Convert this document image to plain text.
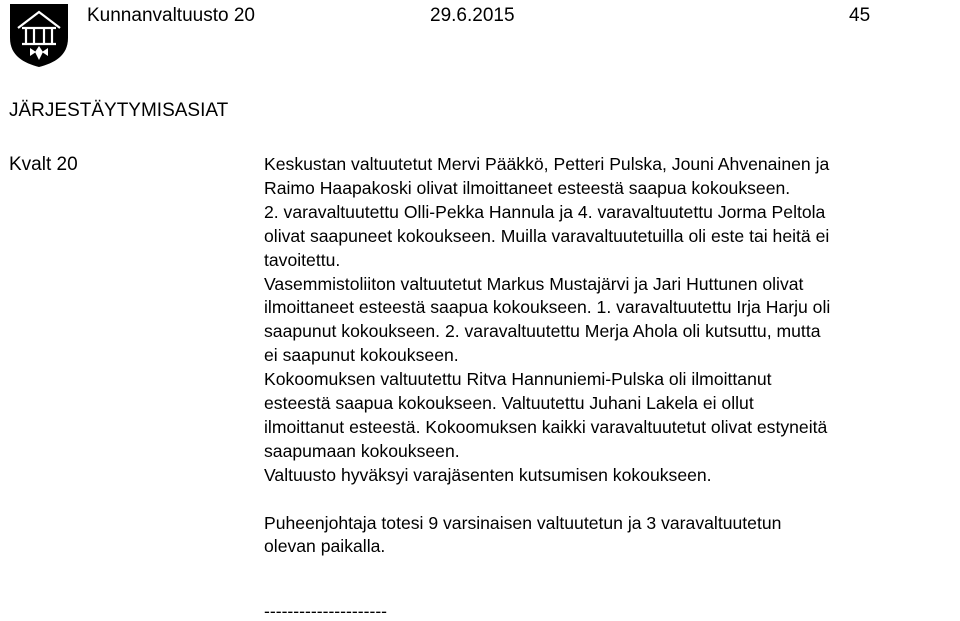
Kunnanvaltuusto 20	29.6.2015	45
JÄRJESTÄYTYMISASIAT
Kvalt 20	Keskustan valtuutetut Mervi Pääkkö, Petteri Pulska, Jouni Ahvenainen ja
Raimo Haapakoski olivat ilmoittaneet esteestä saapua kokoukseen.
2. varavaltuutettu Olli-Pekka Hannula ja 4. varavaltuutettu Jorma Peltola
olivat saapuneet kokoukseen. Muilla varavaltuutetuilla oli este tai heitä ei
tavoitettu.
Vasemmistoliiton valtuutetut Markus Mustajärvi ja Jari Huttunen olivat
ilmoittaneet esteestä saapua kokoukseen. 1. varavaltuutettu Irja Harju oli
saapunut kokoukseen. 2. varavaltuutettu Merja Ahola oli kutsuttu, mutta
ei saapunut kokoukseen.
Kokoomuksen valtuutettu Ritva Hannuniemi-Pulska oli ilmoittanut
esteestä saapua kokoukseen. Valtuutettu Juhani Lakela ei ollut
ilmoittanut esteestä. Kokoomuksen kaikki varavaltuutetut olivat estyneitä
saapumaan kokoukseen.
Valtuusto hyväksyi varajäsenten kutsumisen kokoukseen.
Puheenjohtaja totesi 9 varsinaisen valtuutetun ja 3 varavaltuutetun
olevan paikalla.
---------------------
